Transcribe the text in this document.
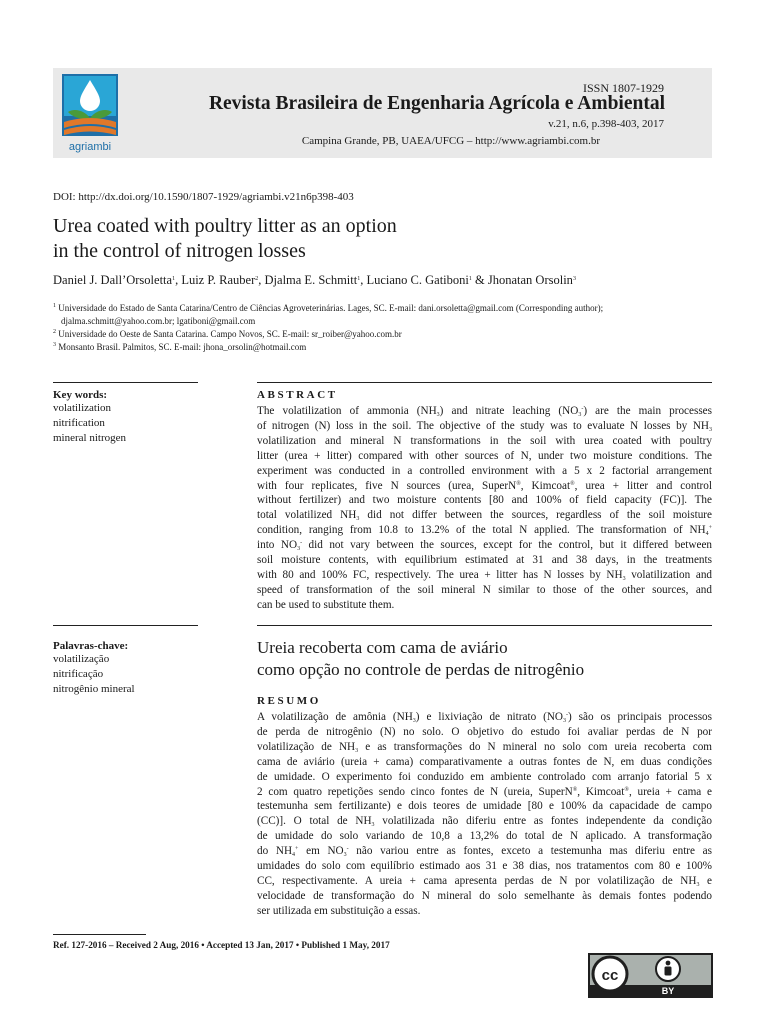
agriambi
ISSN 1807-1929
Revista Brasileira de Engenharia Agrícola e Ambiental
v.21, n.6, p.398-403, 2017
Campina Grande, PB, UAEA/UFCG – http://www.agriambi.com.br
DOI: http://dx.doi.org/10.1590/1807-1929/agriambi.v21n6p398-403
Urea coated with poultry litter as an option
in the control of nitrogen losses
Daniel J. Dall’Orsoletta$^1$, Luiz P. Rauber$^2$, Djalma E. Schmitt$^1$, Luciano C. Gatiboni$^1$ & Jhonatan Orsolin$^3$
$^1$ Universidade do Estado de Santa Catarina/Centro de Ciências Agroveterinárias. Lages, SC. E-mail: dani.orsoletta@gmail.com (Corresponding author);
djalma.schmitt@yahoo.com.br; lgatiboni@gmail.com
$^2$ Universidade do Oeste de Santa Catarina. Campo Novos, SC. E-mail: sr_roiber@yahoo.com.br
$^3$ Monsanto Brasil. Palmitos, SC. E-mail: jhona_orsolin@hotmail.com
Key words:
volatilization
nitrification
mineral nitrogen
ABSTRACT
The volatilization of ammonia $(NH_3)$ and nitrate leaching $(NO_3^-)$ are the main processes
of nitrogen (N) loss in the soil. The objective of the study was to evaluate N losses by $NH_3$
volatilization and mineral N transformations in the soil with urea coated with poultry
litter (urea + litter) compared with other sources of N, under two moisture conditions. The
experiment was conducted in a controlled environment with a 5 x 2 factorial arrangement
with four replicates, five N sources (urea, SuperN®, Kimcoat®, urea + litter and control
without fertilizer) and two moisture contents [80 and 100% of field capacity (FC)]. The
total volatilized $NH_3$ did not differ between the sources, regardless of the soil moisture
condition, ranging from 10.8 to 13.2% of the total N applied. The transformation of $NH_4^+$
into $NO_3^-$ did not vary between the sources, except for the control, but it differed between
soil moisture contents, with equilibrium estimated at 31 and 38 days, in the treatments
with 80 and 100% FC, respectively. The urea + litter has N losses by $NH_3$ volatilization and
speed of transformation of the soil mineral N similar to those of the other sources, and
can be used to substitute them.
Palavras-chave:
volatilização
nitrificação
nitrogênio mineral
Ureia recoberta com cama de aviário
como opção no controle de perdas de nitrogênio
RESUMO
A volatilização de amônia $(NH_3)$ e lixiviação de nitrato $(NO_3^-)$ são os principais processos
de perda de nitrogênio (N) no solo. O objetivo do estudo foi avaliar perdas de N por
volatilização de $NH_3$ e as transformações do N mineral no solo com ureia recoberta com
cama de aviário (ureia + cama) comparativamente a outras fontes de N, em duas condições
de umidade. O experimento foi conduzido em ambiente controlado com arranjo fatorial 5 x
2 com quatro repetições sendo cinco fontes de N (ureia, SuperN®, Kimcoat®, ureia + cama e
testemunha sem fertilizante) e dois teores de umidade [80 e 100% da capacidade de campo
(CC)]. O total de $NH_3$ volatilizada não diferiu entre as fontes independente da condição
de umidade do solo variando de 10,8 a 13,2% do total de N aplicado. A transformação
do $NH_4^+$ em $NO_3^-$ não variou entre as fontes, exceto a testemunha mas diferiu entre as
umidades do solo com equilíbrio estimado aos 31 e 38 dias, nos tratamentos com 80 e 100%
CC, respectivamente. A ureia + cama apresenta perdas de N por volatilização de $NH_3$ e
velocidade de transformação do N mineral do solo semelhante às demais fontes podendo
ser utilizada em substituição a essas.
Ref. 127-2016 – Received 2 Aug, 2016 • Accepted 13 Jan, 2017 • Published 1 May, 2017
cc
BY
